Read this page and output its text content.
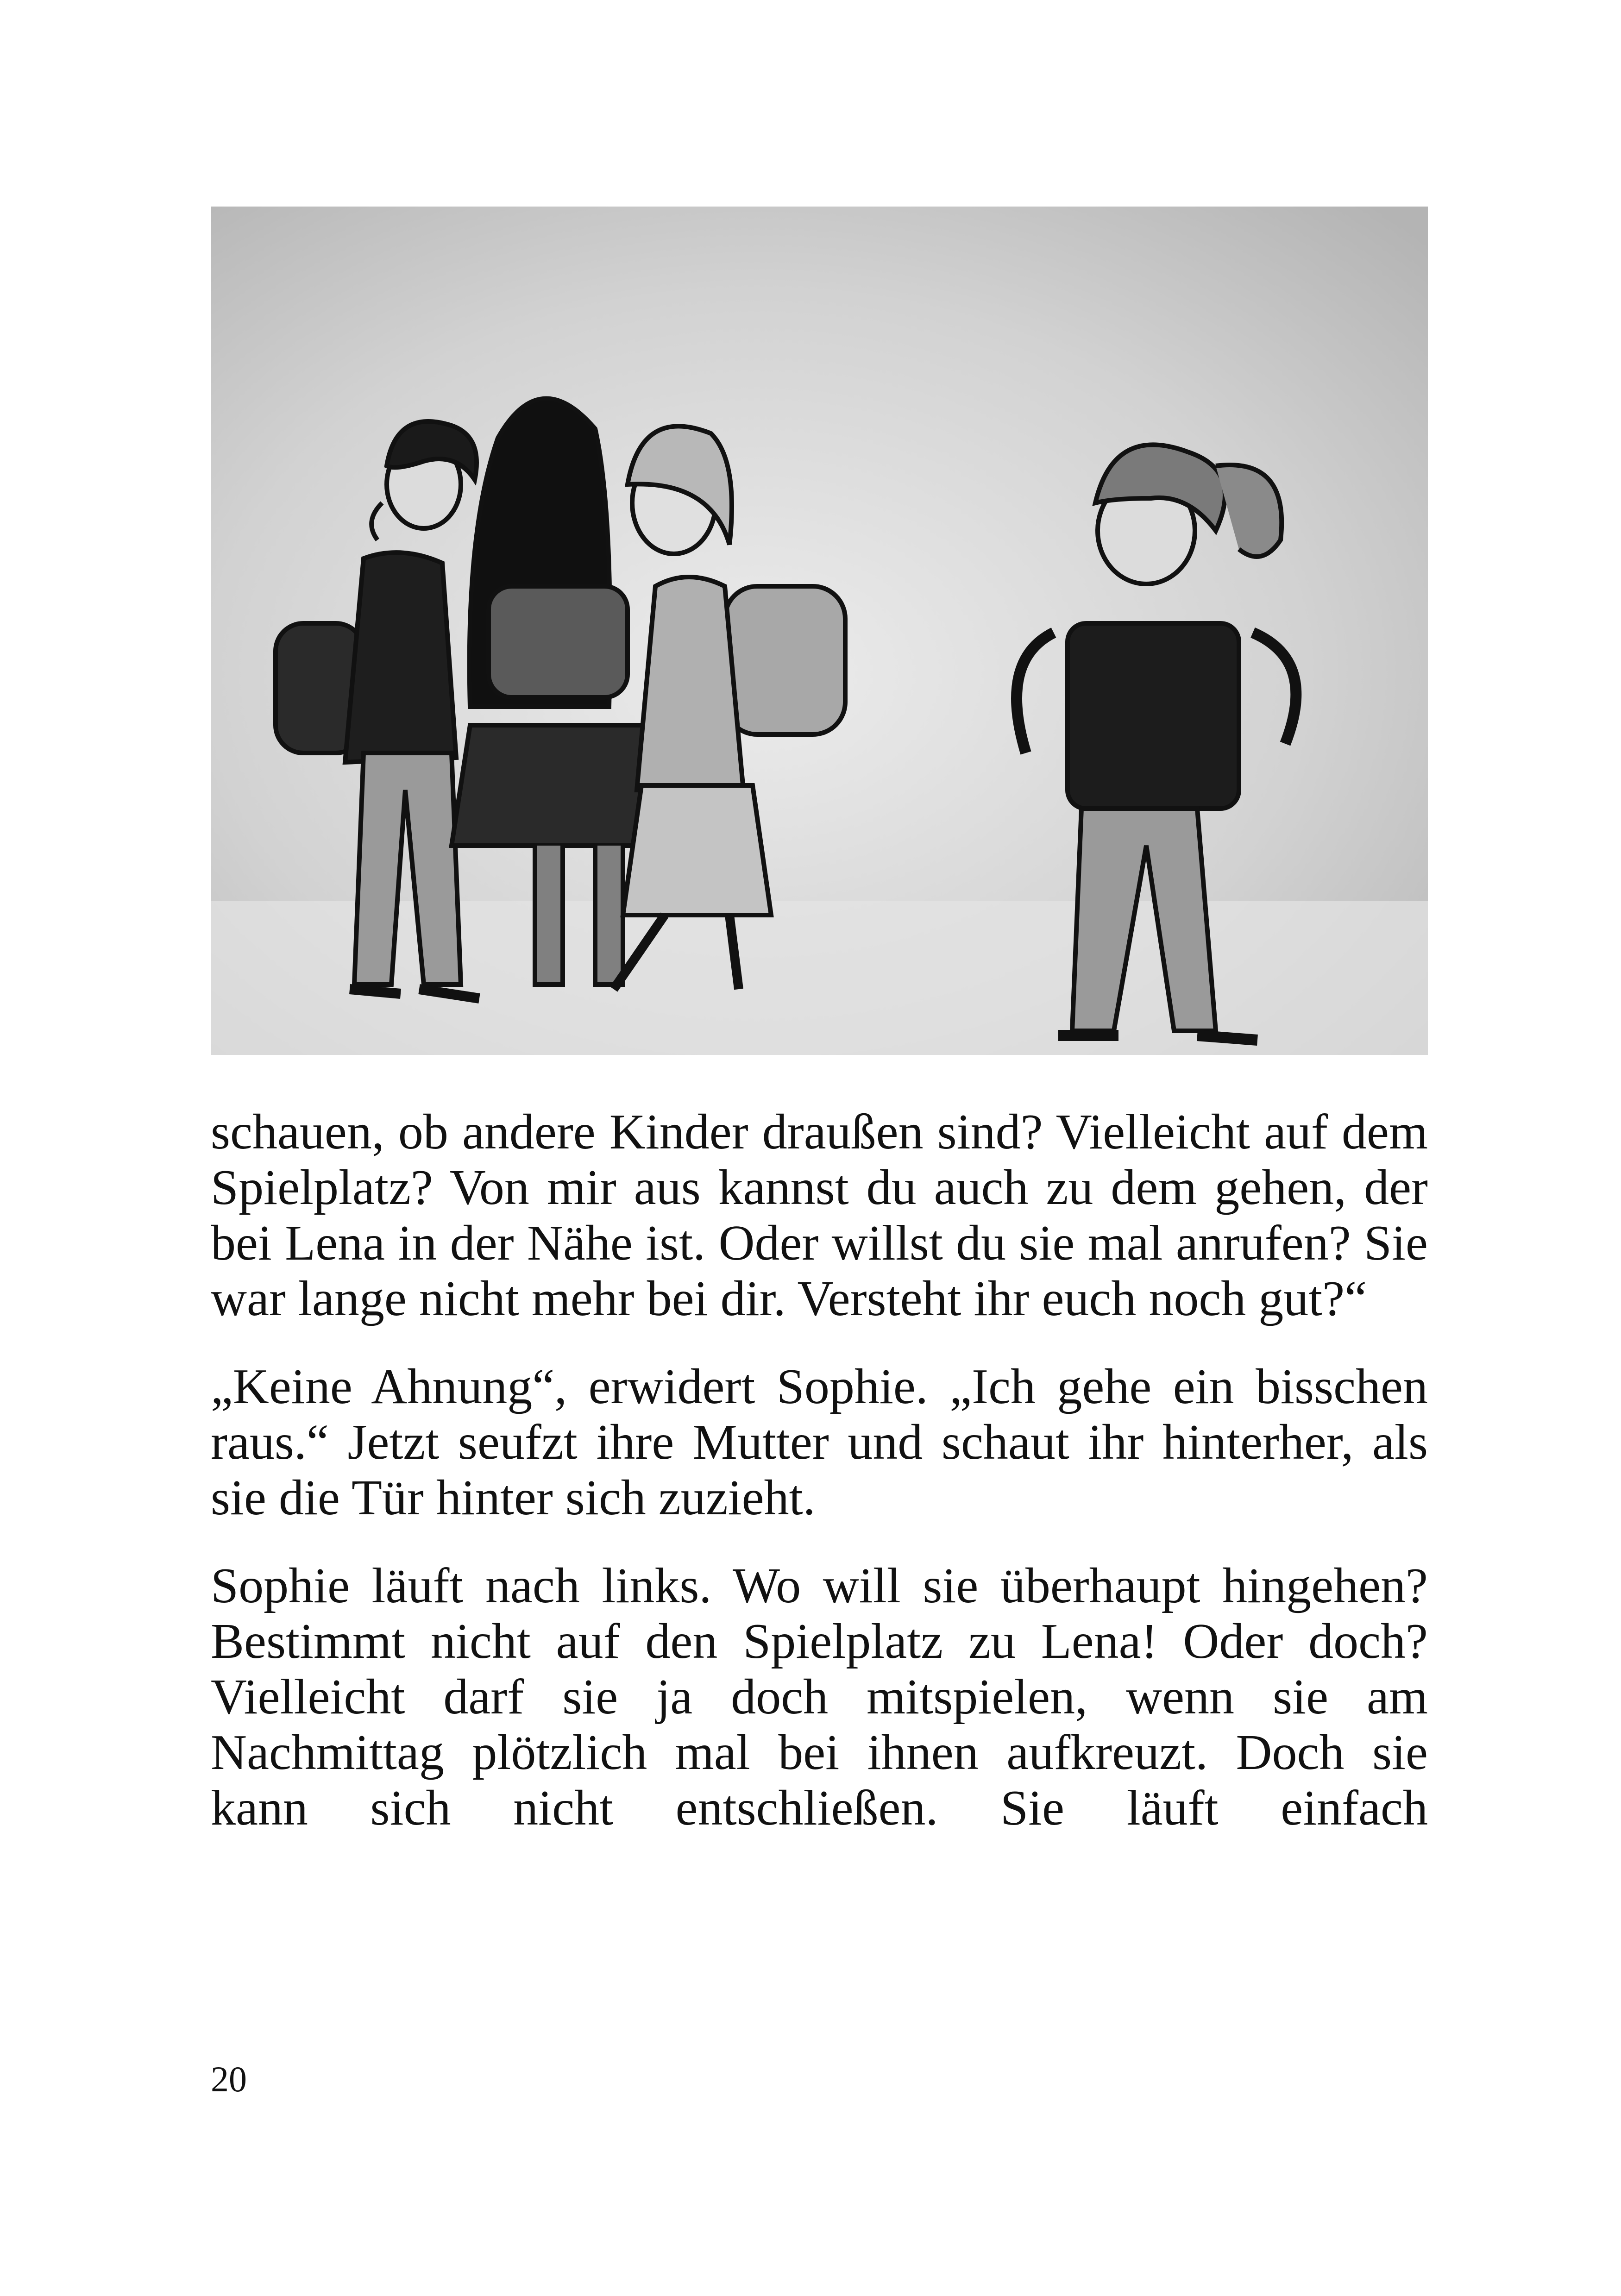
schauen, ob andere Kinder draußen sind? Vielleicht auf dem Spielplatz? Von mir aus kannst du auch zu dem gehen, der bei Lena in der Nähe ist. Oder willst du sie mal anrufen? Sie war lange nicht mehr bei dir. Versteht ihr euch noch gut?“

„Keine Ahnung“, erwidert Sophie. „Ich gehe ein bisschen raus.“ Jetzt seufzt ihre Mutter und schaut ihr hinterher, als sie die Tür hinter sich zuzieht.

Sophie läuft nach links. Wo will sie überhaupt hingehen? Bestimmt nicht auf den Spielplatz zu Lena! Oder doch? Vielleicht darf sie ja doch mitspielen, wenn sie am Nachmittag plötzlich mal bei ihnen aufkreuzt. Doch sie kann sich nicht entschließen. Sie läuft einfach

20
